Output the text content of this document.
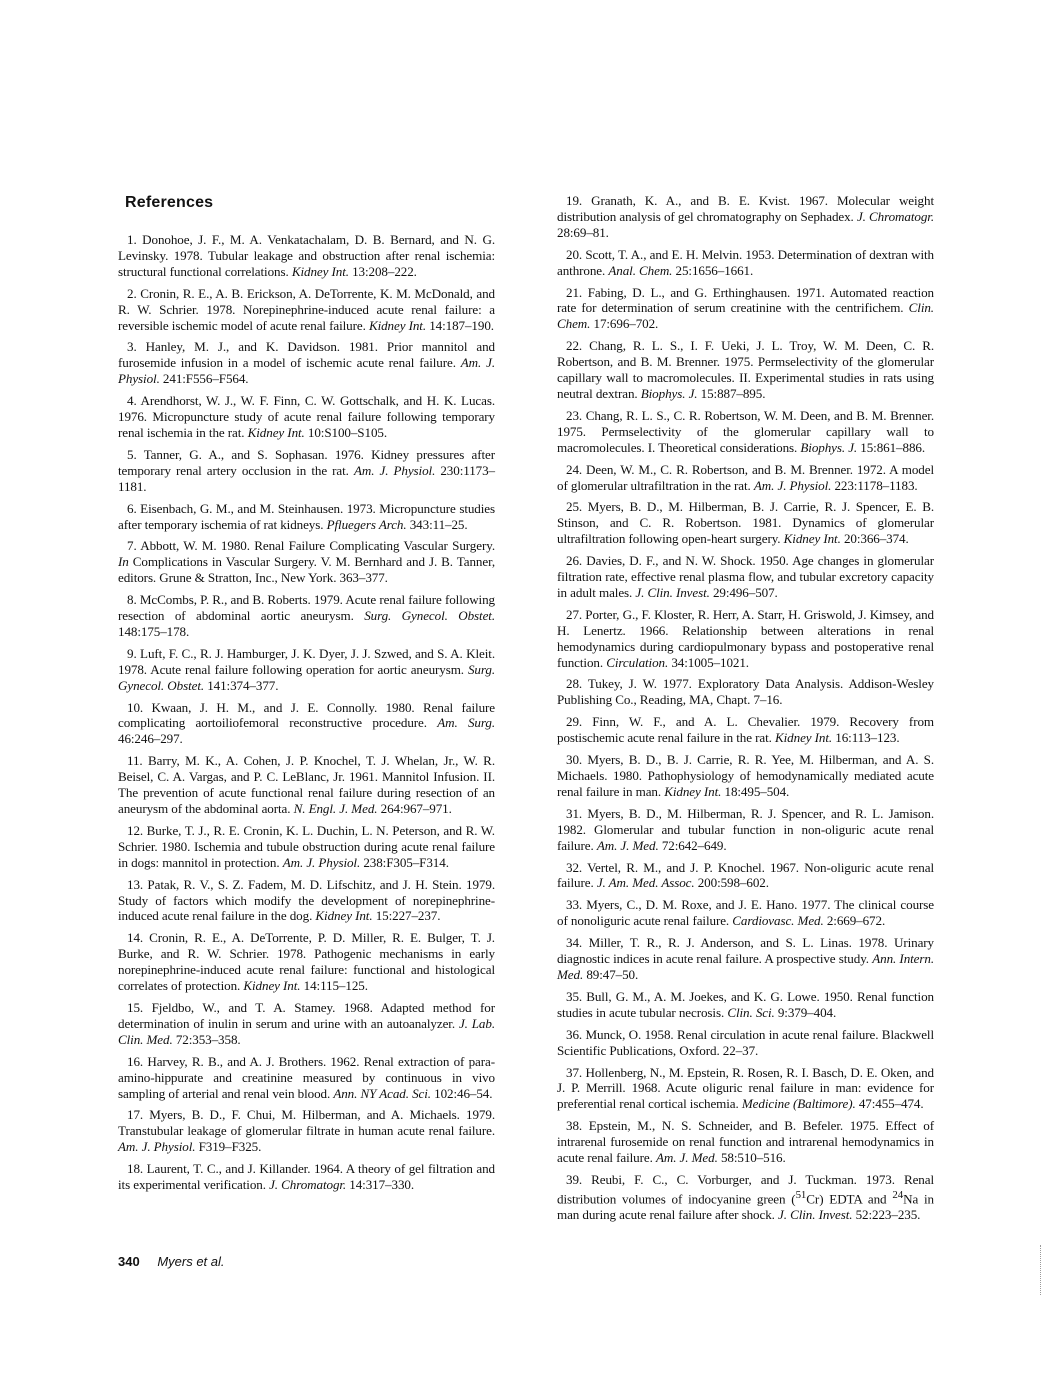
References

1. Donohoe, J. F., M. A. Venkatachalam, D. B. Bernard, and N. G. Levinsky. 1978. Tubular leakage and obstruction after renal ischemia: structural functional correlations. Kidney Int. 13:208–222.

2. Cronin, R. E., A. B. Erickson, A. DeTorrente, K. M. McDonald, and R. W. Schrier. 1978. Norepinephrine-induced acute renal failure: a reversible ischemic model of acute renal failure. Kidney Int. 14:187–190.

3. Hanley, M. J., and K. Davidson. 1981. Prior mannitol and furosemide infusion in a model of ischemic acute renal failure. Am. J. Physiol. 241:F556–F564.

4. Arendhorst, W. J., W. F. Finn, C. W. Gottschalk, and H. K. Lucas. 1976. Micropuncture study of acute renal failure following temporary renal ischemia in the rat. Kidney Int. 10:S100–S105.

5. Tanner, G. A., and S. Sophasan. 1976. Kidney pressures after temporary renal artery occlusion in the rat. Am. J. Physiol. 230:1173–1181.

6. Eisenbach, G. M., and M. Steinhausen. 1973. Micropuncture studies after temporary ischemia of rat kidneys. Pfluegers Arch. 343:11–25.

7. Abbott, W. M. 1980. Renal Failure Complicating Vascular Surgery. In Complications in Vascular Surgery. V. M. Bernhard and J. B. Tanner, editors. Grune & Stratton, Inc., New York. 363–377.

8. McCombs, P. R., and B. Roberts. 1979. Acute renal failure following resection of abdominal aortic aneurysm. Surg. Gynecol. Obstet. 148:175–178.

9. Luft, F. C., R. J. Hamburger, J. K. Dyer, J. J. Szwed, and S. A. Kleit. 1978. Acute renal failure following operation for aortic aneurysm. Surg. Gynecol. Obstet. 141:374–377.

10. Kwaan, J. H. M., and J. E. Connolly. 1980. Renal failure complicating aortoiliofemoral reconstructive procedure. Am. Surg. 46:246–297.

11. Barry, M. K., A. Cohen, J. P. Knochel, T. J. Whelan, Jr., W. R. Beisel, C. A. Vargas, and P. C. LeBlanc, Jr. 1961. Mannitol Infusion. II. The prevention of acute functional renal failure during resection of an aneurysm of the abdominal aorta. N. Engl. J. Med. 264:967–971.

12. Burke, T. J., R. E. Cronin, K. L. Duchin, L. N. Peterson, and R. W. Schrier. 1980. Ischemia and tubule obstruction during acute renal failure in dogs: mannitol in protection. Am. J. Physiol. 238:F305–F314.

13. Patak, R. V., S. Z. Fadem, M. D. Lifschitz, and J. H. Stein. 1979. Study of factors which modify the development of norepinephrine-induced acute renal failure in the dog. Kidney Int. 15:227–237.

14. Cronin, R. E., A. DeTorrente, P. D. Miller, R. E. Bulger, T. J. Burke, and R. W. Schrier. 1978. Pathogenic mechanisms in early norepinephrine-induced acute renal failure: functional and histological correlates of protection. Kidney Int. 14:115–125.

15. Fjeldbo, W., and T. A. Stamey. 1968. Adapted method for determination of inulin in serum and urine with an autoanalyzer. J. Lab. Clin. Med. 72:353–358.

16. Harvey, R. B., and A. J. Brothers. 1962. Renal extraction of para-amino-hippurate and creatinine measured by continuous in vivo sampling of arterial and renal vein blood. Ann. NY Acad. Sci. 102:46–54.

17. Myers, B. D., F. Chui, M. Hilberman, and A. Michaels. 1979. Transtubular leakage of glomerular filtrate in human acute renal failure. Am. J. Physiol. F319–F325.

18. Laurent, T. C., and J. Killander. 1964. A theory of gel filtration and its experimental verification. J. Chromatogr. 14:317–330.

19. Granath, K. A., and B. E. Kvist. 1967. Molecular weight distribution analysis of gel chromatography on Sephadex. J. Chromatogr. 28:69–81.

20. Scott, T. A., and E. H. Melvin. 1953. Determination of dextran with anthrone. Anal. Chem. 25:1656–1661.

21. Fabing, D. L., and G. Erthinghausen. 1971. Automated reaction rate for determination of serum creatinine with the centrifichem. Clin. Chem. 17:696–702.

22. Chang, R. L. S., I. F. Ueki, J. L. Troy, W. M. Deen, C. R. Robertson, and B. M. Brenner. 1975. Permselectivity of the glomerular capillary wall to macromolecules. II. Experimental studies in rats using neutral dextran. Biophys. J. 15:887–895.

23. Chang, R. L. S., C. R. Robertson, W. M. Deen, and B. M. Brenner. 1975. Permselectivity of the glomerular capillary wall to macromolecules. I. Theoretical considerations. Biophys. J. 15:861–886.

24. Deen, W. M., C. R. Robertson, and B. M. Brenner. 1972. A model of glomerular ultrafiltration in the rat. Am. J. Physiol. 223:1178–1183.

25. Myers, B. D., M. Hilberman, B. J. Carrie, R. J. Spencer, E. B. Stinson, and C. R. Robertson. 1981. Dynamics of glomerular ultrafiltration following open-heart surgery. Kidney Int. 20:366–374.

26. Davies, D. F., and N. W. Shock. 1950. Age changes in glomerular filtration rate, effective renal plasma flow, and tubular excretory capacity in adult males. J. Clin. Invest. 29:496–507.

27. Porter, G., F. Kloster, R. Herr, A. Starr, H. Griswold, J. Kimsey, and H. Lenertz. 1966. Relationship between alterations in renal hemodynamics during cardiopulmonary bypass and postoperative renal function. Circulation. 34:1005–1021.

28. Tukey, J. W. 1977. Exploratory Data Analysis. Addison-Wesley Publishing Co., Reading, MA, Chapt. 7–16.

29. Finn, W. F., and A. L. Chevalier. 1979. Recovery from postischemic acute renal failure in the rat. Kidney Int. 16:113–123.

30. Myers, B. D., B. J. Carrie, R. R. Yee, M. Hilberman, and A. S. Michaels. 1980. Pathophysiology of hemodynamically mediated acute renal failure in man. Kidney Int. 18:495–504.

31. Myers, B. D., M. Hilberman, R. J. Spencer, and R. L. Jamison. 1982. Glomerular and tubular function in non-oliguric acute renal failure. Am. J. Med. 72:642–649.

32. Vertel, R. M., and J. P. Knochel. 1967. Non-oliguric acute renal failure. J. Am. Med. Assoc. 200:598–602.

33. Myers, C., D. M. Roxe, and J. E. Hano. 1977. The clinical course of nonoliguric acute renal failure. Cardiovasc. Med. 2:669–672.

34. Miller, T. R., R. J. Anderson, and S. L. Linas. 1978. Urinary diagnostic indices in acute renal failure. A prospective study. Ann. Intern. Med. 89:47–50.

35. Bull, G. M., A. M. Joekes, and K. G. Lowe. 1950. Renal function studies in acute tubular necrosis. Clin. Sci. 9:379–404.

36. Munck, O. 1958. Renal circulation in acute renal failure. Blackwell Scientific Publications, Oxford. 22–37.

37. Hollenberg, N., M. Epstein, R. Rosen, R. I. Basch, D. E. Oken, and J. P. Merrill. 1968. Acute oliguric renal failure in man: evidence for preferential renal cortical ischemia. Medicine (Baltimore). 47:455–474.

38. Epstein, M., N. S. Schneider, and B. Befeler. 1975. Effect of intrarenal furosemide on renal function and intrarenal hemodynamics in acute renal failure. Am. J. Med. 58:510–516.

39. Reubi, F. C., C. Vorburger, and J. Tuckman. 1973. Renal distribution volumes of indocyanine green ($^{51}$Cr) EDTA and $^{24}$Na in man during acute renal failure after shock. J. Clin. Invest. 52:223–235.

340 Myers et al.
